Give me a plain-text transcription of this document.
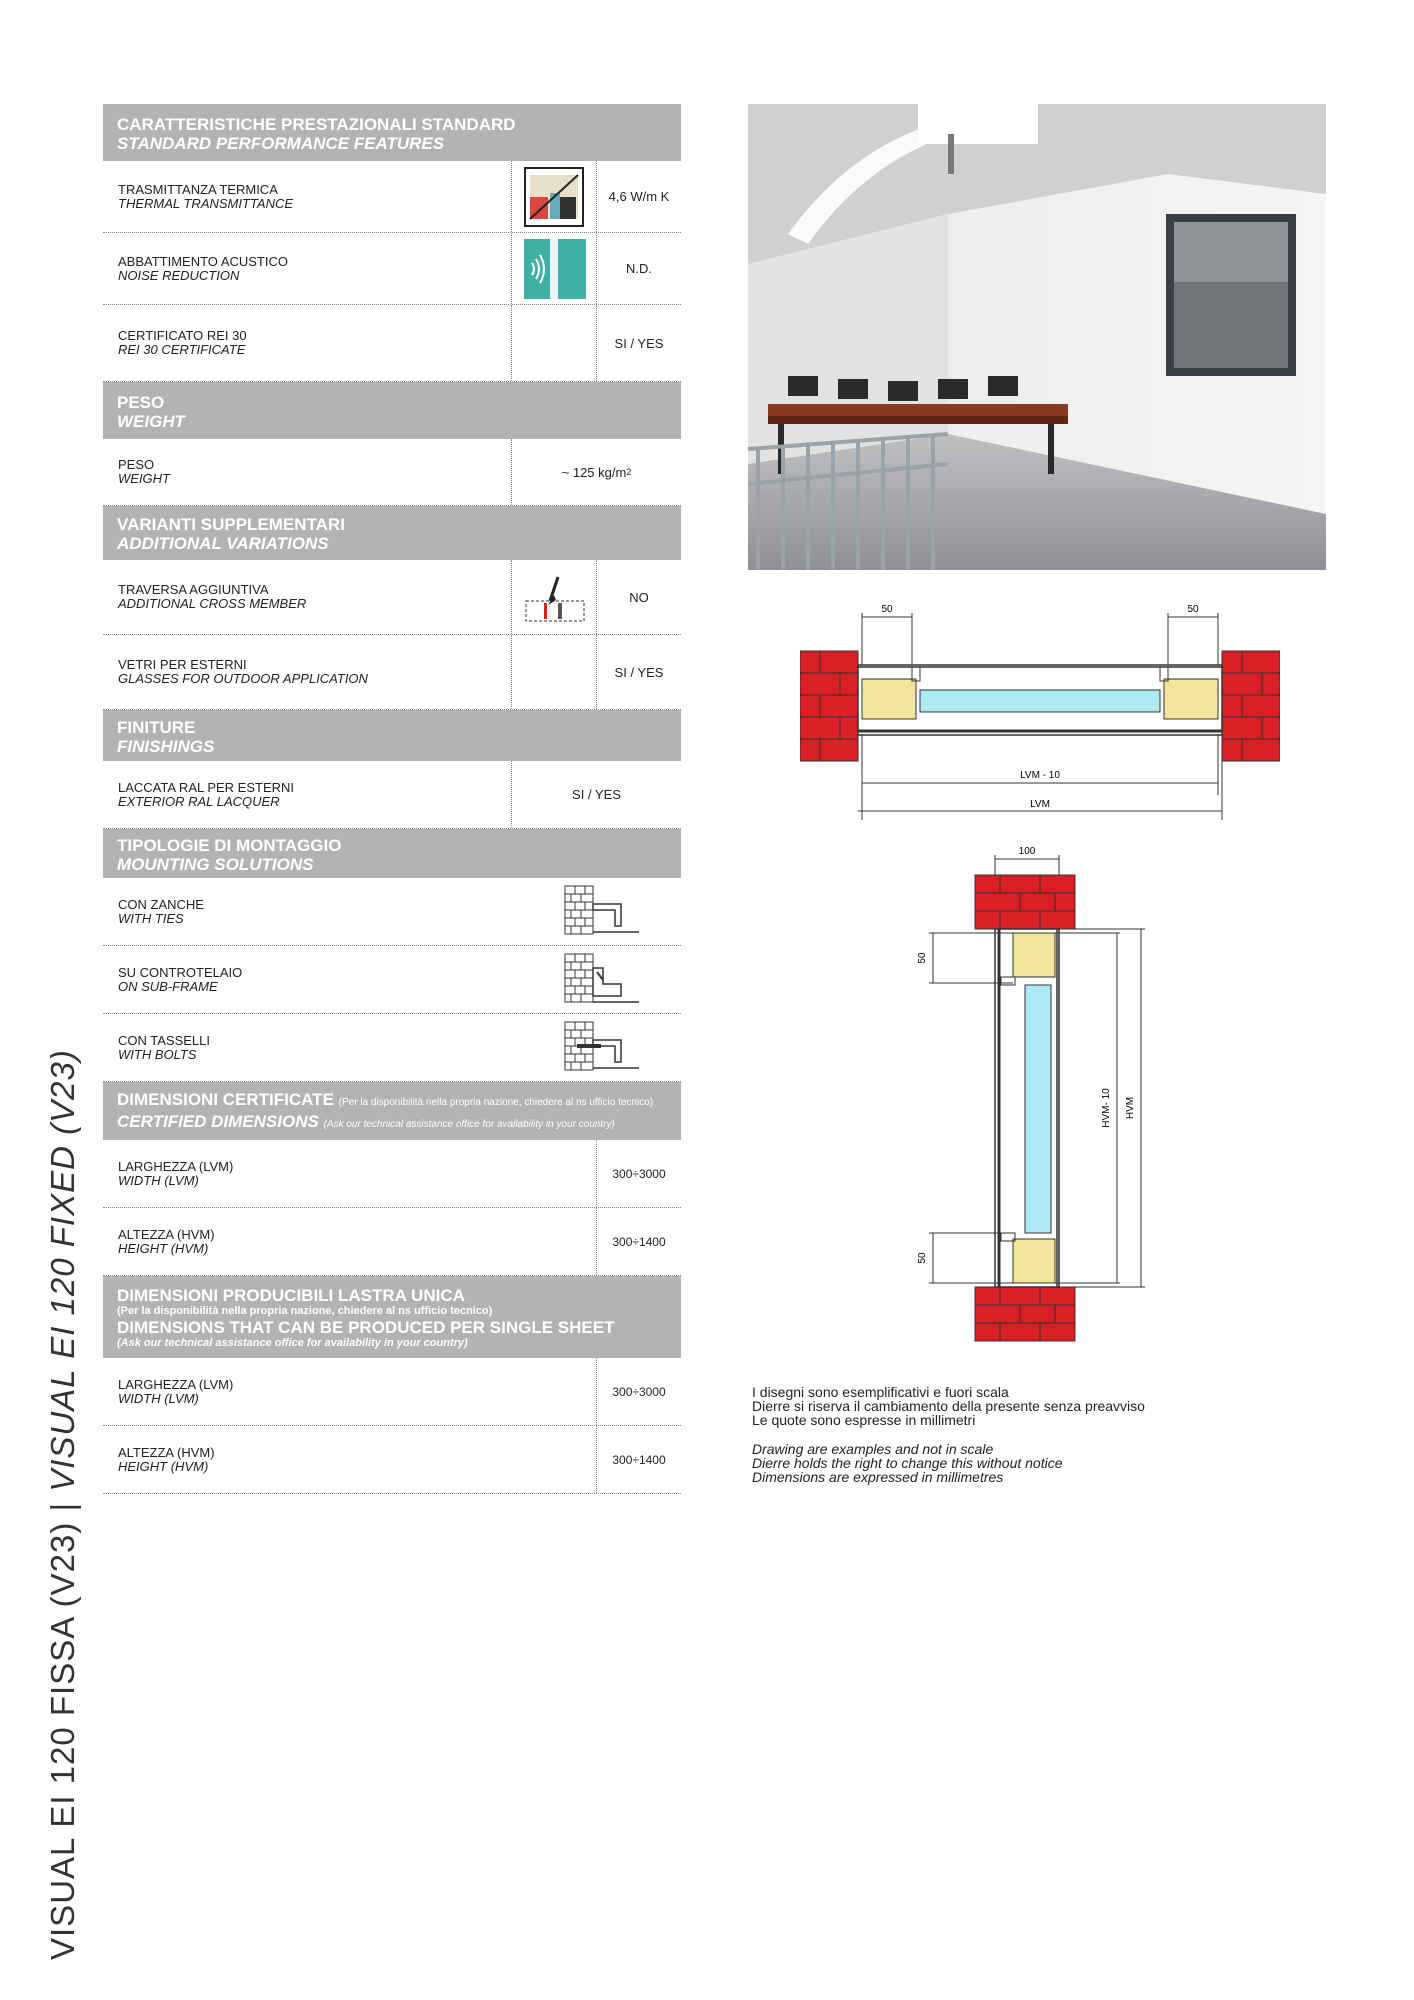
VISUAL EI 120 FISSA (V23) | VISUAL EI 120 FIXED (V23)
CARATTERISTICHE PRESTAZIONALI STANDARD
STANDARD PERFORMANCE FEATURES
TRASMITTANZA TERMICA
THERMAL TRANSMITTANCE	4,6 W/m K
ABBATTIMENTO ACUSTICO
NOISE REDUCTION	N.D.
CERTIFICATO REI 30
REI 30 CERTIFICATE	SI / YES
PESO
WEIGHT
PESO
WEIGHT	~ 125 kg/m 2
VARIANTI SUPPLEMENTARI
ADDITIONAL VARIATIONS
TRAVERSA AGGIUNTIVA
ADDITIONAL CROSS MEMBER	NO
VETRI PER ESTERNI
GLASSES FOR OUTDOOR APPLICATION	SI / YES
FINITURE
FINISHINGS
LACCATA RAL PER ESTERNI
EXTERIOR RAL LACQUER	SI / YES
TIPOLOGIE DI MONTAGGIO
MOUNTING SOLUTIONS
CON ZANCHE
WITH TIES
SU CONTROTELAIO
ON SUB-FRAME
CON TASSELLI
WITH BOLTS
DIMENSIONI CERTIFICATE (Per la disponibilità nella propria nazione, chiedere al ns ufficio tecnico)
CERTIFIED DIMENSIONS (Ask our technical assistance office for availability in your country)
LARGHEZZA (LVM)
WIDTH (LVM)	300÷3000
ALTEZZA (HVM)
HEIGHT (HVM)	300÷1400
DIMENSIONI PRODUCIBILI LASTRA UNICA
(Per la disponibilità nella propria nazione, chiedere al ns ufficio tecnico)
DIMENSIONS THAT CAN BE PRODUCED PER SINGLE SHEET
(Ask our technical assistance office for availability in your country)
LARGHEZZA (LVM)
WIDTH (LVM)	300÷3000
ALTEZZA (HVM)
HEIGHT (HVM)	300÷1400
50	50
LVM - 10
LVM
100
50
50
HVM- 10 HVM
I disegni sono esemplificativi e fuori scala
Dierre si riserva il cambiamento della presente senza preavviso
Le quote sono espresse in millimetri
Drawing are examples and not in scale
Dierre holds the right to change this without notice
Dimensions are expressed in millimetres
